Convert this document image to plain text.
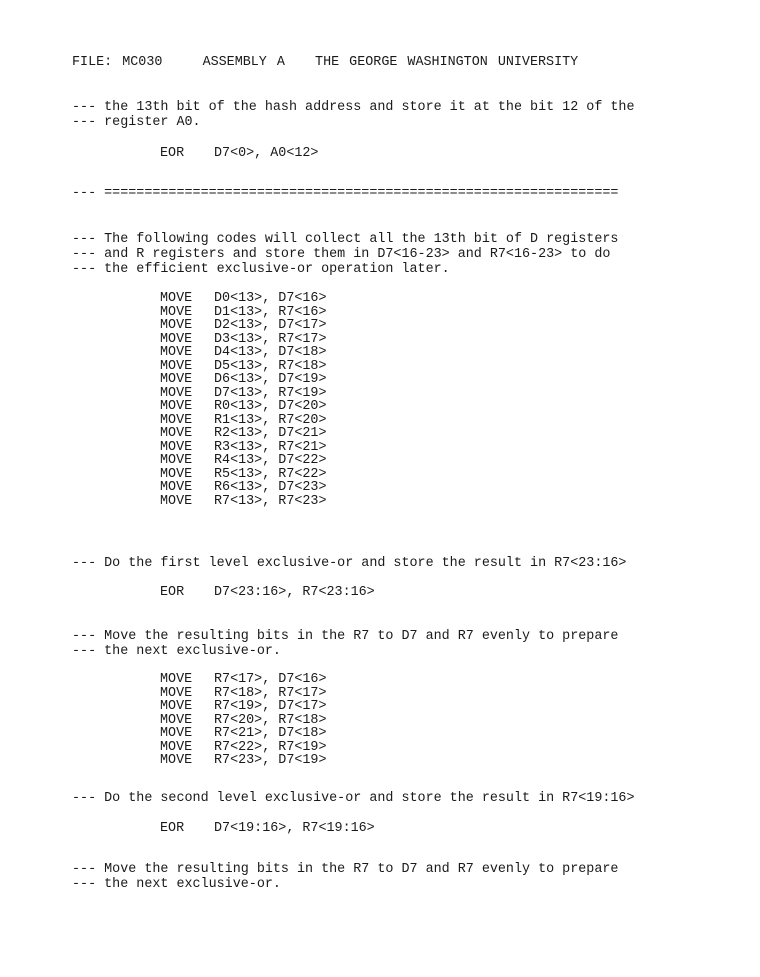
FILE: MC030	ASSEMBLY A THE GEORGE WASHINGTON UNIVERSITY
--- the 13th bit of the hash address and store it at the bit 12 of the
--- register A0.
EOR D7<0>, A0<12>
--- ================================================================
--- The following codes will collect all the 13th bit of D registers
--- and R registers and store them in D7<16-23> and R7<16-23> to do
--- the efficient exclusive-or operation later.
MOVE D0<13>, D7<16>
MOVE D1<13>, R7<16>
MOVE D2<13>, D7<17>
MOVE D3<13>, R7<17>
MOVE D4<13>, D7<18>
MOVE D5<13>, R7<18>
MOVE D6<13>, D7<19>
MOVE D7<13>, R7<19>
MOVE R0<13>, D7<20>
MOVE R1<13>, R7<20>
MOVE R2<13>, D7<21>
MOVE R3<13>, R7<21>
MOVE R4<13>, D7<22>
MOVE R5<13>, R7<22>
MOVE R6<13>, D7<23>
MOVE R7<13>, R7<23>
--- Do the first level exclusive-or and store the result in R7<23:16>
EOR D7<23:16>, R7<23:16>
--- Move the resulting bits in the R7 to D7 and R7 evenly to prepare
--- the next exclusive-or.
MOVE R7<17>, D7<16>
MOVE R7<18>, R7<17>
MOVE R7<19>, D7<17>
MOVE R7<20>, R7<18>
MOVE R7<21>, D7<18>
MOVE R7<22>, R7<19>
MOVE R7<23>, D7<19>
--- Do the second level exclusive-or and store the result in R7<19:16>
EOR D7<19:16>, R7<19:16>
--- Move the resulting bits in the R7 to D7 and R7 evenly to prepare
--- the next exclusive-or.
